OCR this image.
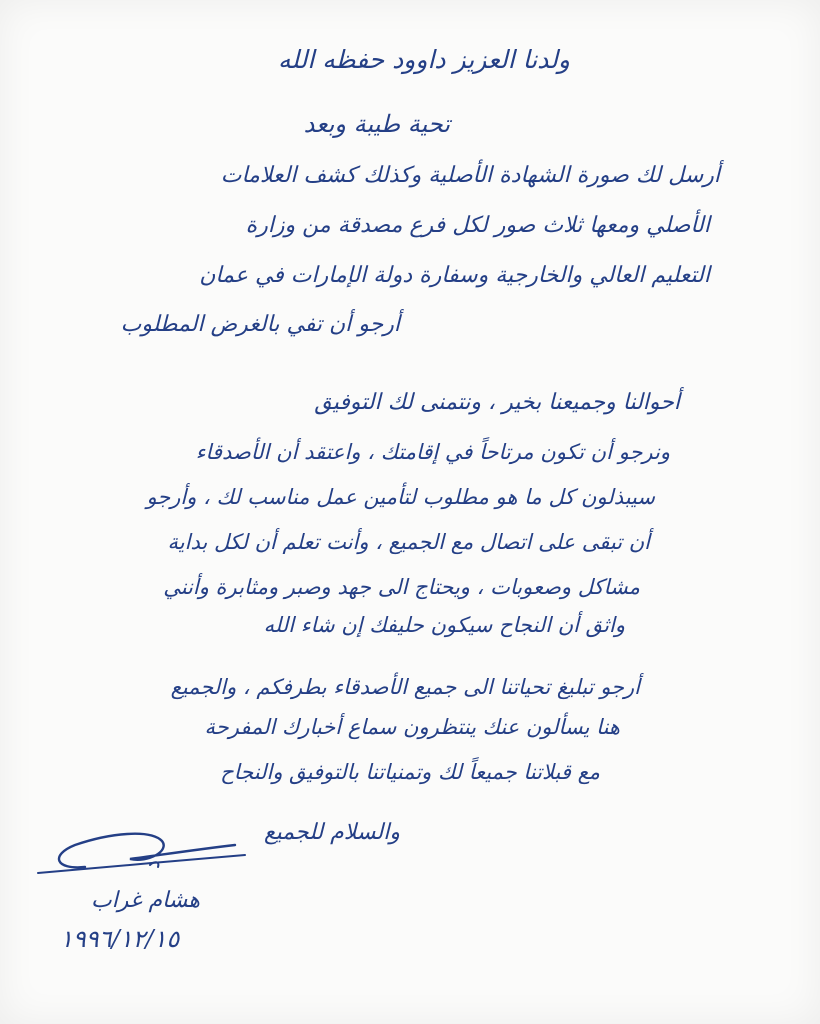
ولدنا العزيز داوود حفظه الله
تحية طيبة وبعد
أرسل لك صورة الشهادة الأصلية وكذلك كشف العلامات
الأصلي ومعها ثلاث صور لكل فرع مصدقة من وزارة
التعليم العالي والخارجية وسفارة دولة الإمارات في عمان
أرجو أن تفي بالغرض المطلوب
أحوالنا وجميعنا بخير ، ونتمنى لك التوفيق
ونرجو أن تكون مرتاحاً في إقامتك ، واعتقد أن الأصدقاء
سيبذلون كل ما هو مطلوب لتأمين عمل مناسب لك ، وأرجو
أن تبقى على اتصال مع الجميع ، وأنت تعلم أن لكل بداية
مشاكل وصعوبات ، ويحتاج الى جهد وصبر ومثابرة وأنني
واثق أن النجاح سيكون حليفك إن شاء الله
أرجو تبليغ تحياتنا الى جميع الأصدقاء بطرفكم ، والجميع
هنا يسألون عنك ينتظرون سماع أخبارك المفرحة
مع قبلاتنا جميعاً لك وتمنياتنا بالتوفيق والنجاح
والسلام للجميع
هشام غراب
١٩٩٦/١٢/١٥
